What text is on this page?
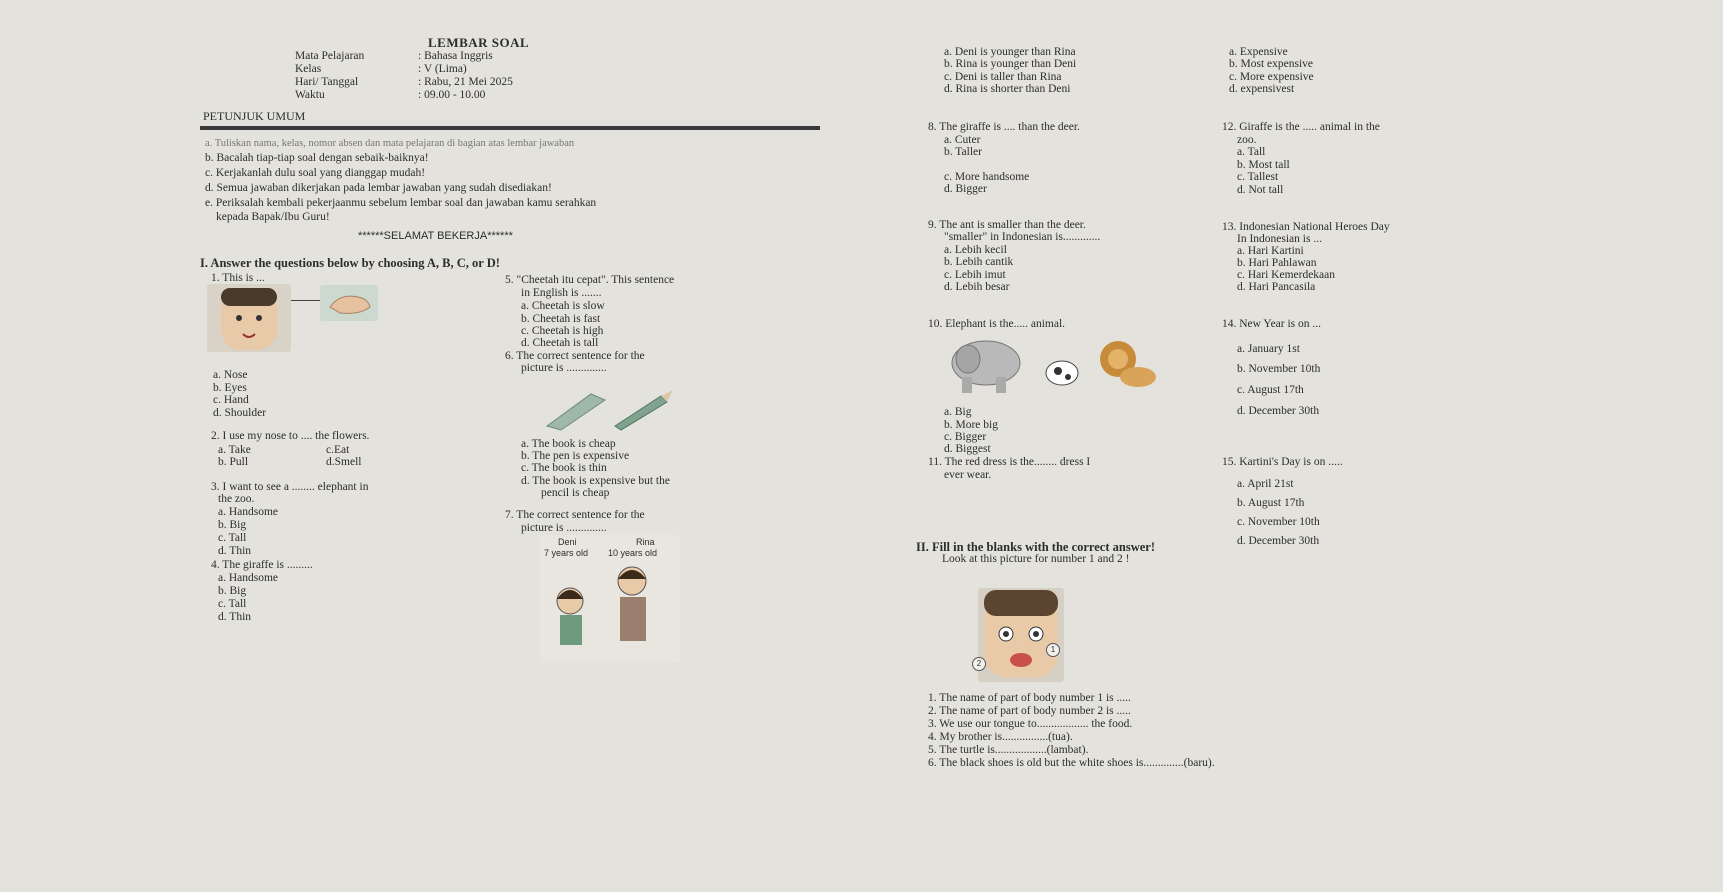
LEMBAR SOAL
Mata Pelajaran	: Bahasa Inggris
Kelas	: V (Lima)
Hari/ Tanggal	: Rabu, 21 Mei 2025
Waktu	: 09.00 - 10.00
PETUNJUK UMUM
a. Tuliskan nama, kelas, nomor absen dan mata pelajaran di bagian atas lembar jawaban
b. Bacalah tiap-tiap soal dengan sebaik-baiknya!
c. Kerjakanlah dulu soal yang dianggap mudah!
d. Semua jawaban dikerjakan pada lembar jawaban yang sudah disediakan!
e. Periksalah kembali pekerjaanmu sebelum lembar soal dan jawaban kamu serahkan
kepada Bapak/Ibu Guru!
******SELAMAT BEKERJA******
I. Answer the questions below by choosing A, B, C, or D!
1. This is ...
a. Nose
b. Eyes
c. Hand
d. Shoulder
2. I use my nose to .... the flowers.
a. Take	c.Eat
b. Pull	d.Smell
3. I want to see a ........ elephant in
the zoo.
a. Handsome
b. Big
c. Tall
d. Thin
4. The giraffe is .........
a. Handsome
b. Big
c. Tall
d. Thin
5. "Cheetah itu cepat". This sentence
in English is .......
a. Cheetah is slow
b. Cheetah is fast
c. Cheetah is high
d. Cheetah is tall
6. The correct sentence for the
picture is ..............
a. The book is cheap
b. The pen is expensive
c. The book is thin
d. The book is expensive but the
pencil is cheap
7. The correct sentence for the
picture is ..............
Deni	Rina
7 years old 10 years old
a. Deni is younger than Rina
b. Rina is younger than Deni
c. Deni is taller than Rina
d. Rina is shorter than Deni
8. The giraffe is .... than the deer.
a. Cuter
b. Taller
c. More handsome
d. Bigger
9. The ant is smaller than the deer.
"smaller" in Indonesian is.............
a. Lebih kecil
b. Lebih cantik
c. Lebih imut
d. Lebih besar
10. Elephant is the..... animal.
a. Big
b. More big
c. Bigger
d. Biggest
11. The red dress is the........ dress I
ever wear.
a. Expensive
b. Most expensive
c. More expensive
d. expensivest
12. Giraffe is the ..... animal in the
zoo.
a. Tall
b. Most tall
c. Tallest
d. Not tall
13. Indonesian National Heroes Day
In Indonesian is ...
a. Hari Kartini
b. Hari Pahlawan
c. Hari Kemerdekaan
d. Hari Pancasila
14. New Year is on ...
a. January 1st
b. November 10th
c. August 17th
d. December 30th
15. Kartini's Day is on .....
a. April 21st
b. August 17th
c. November 10th
d. December 30th
II. Fill in the blanks with the correct answer!
Look at this picture for number 1 and 2 !
1
2
1. The name of part of body number 1 is .....
2. The name of part of body number 2 is .....
3. We use our tongue to.................. the food.
4. My brother is................(tua).
5. The turtle is..................(lambat).
6. The black shoes is old but the white shoes is..............(baru).
